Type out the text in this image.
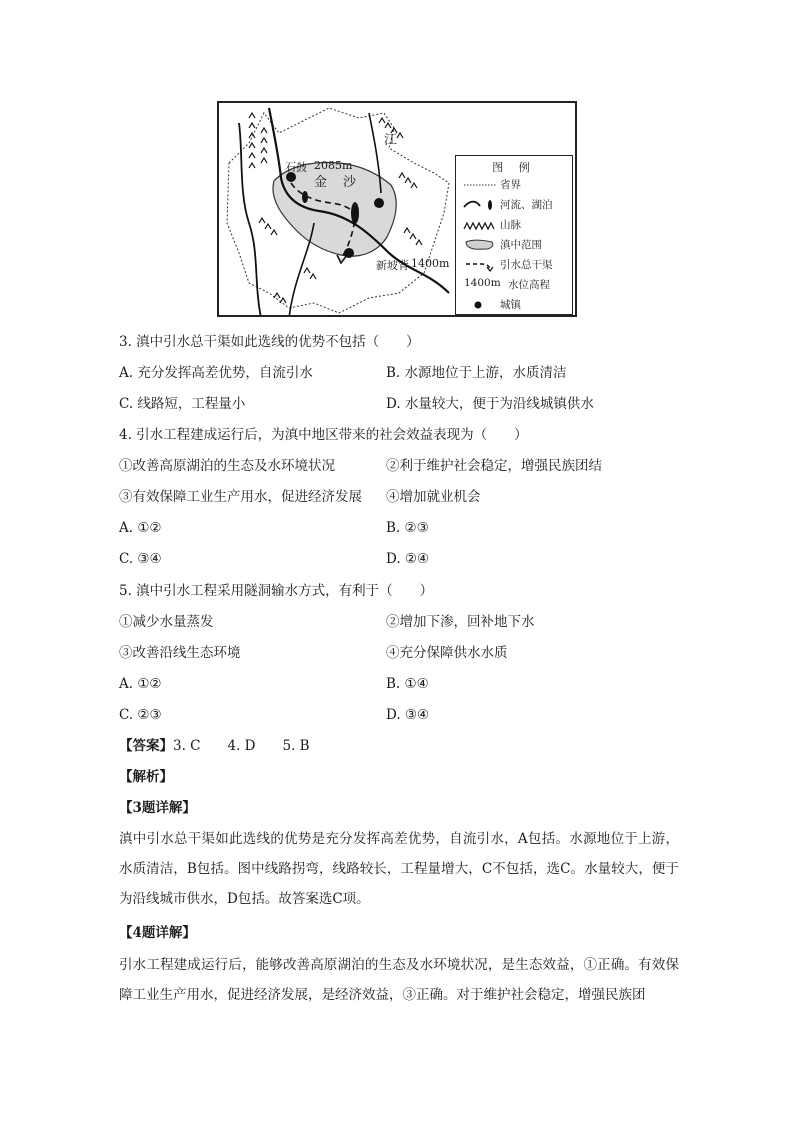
江
石鼓 2085m
金 沙
新坡背 1400m
图 例
省界
河流、湖泊
山脉
滇中范围
引水总干渠
1400m 水位高程
城镇
3. 滇中引水总干渠如此选线的优势不包括（　　）
A. 充分发挥高差优势，自流引水	B. 水源地位于上游，水质清洁
C. 线路短，工程量小	D. 水量较大，便于为沿线城镇供水
4. 引水工程建成运行后，为滇中地区带来的社会效益表现为（　　）
①改善高原湖泊的生态及水环境状况	②利于维护社会稳定，增强民族团结
③有效保障工业生产用水，促进经济发展 ④增加就业机会
A. ①②	B. ②③
C. ③④	D. ②④
5. 滇中引水工程采用隧洞输水方式，有利于（　　）
①减少水量蒸发	②增加下渗，回补地下水
③改善沿线生态环境	④充分保障供水水质
A. ①②	B. ①④
C. ②③	D. ③④
【答案】3. C　　4. D　　5. B
【解析】
【3题详解】
滇中引水总干渠如此选线的优势是充分发挥高差优势，自流引水，A包括。水源地位于上游，水质清洁，B包括。图中线路拐弯，线路较长，工程量增大，C不包括，选C。水量较大，便于为沿线城市供水，D包括。故答案选C项。
【4题详解】
引水工程建成运行后，能够改善高原湖泊的生态及水环境状况，是生态效益，①正确。有效保障工业生产用水，促进经济发展，是经济效益，③正确。对于维护社会稳定，增强民族团
